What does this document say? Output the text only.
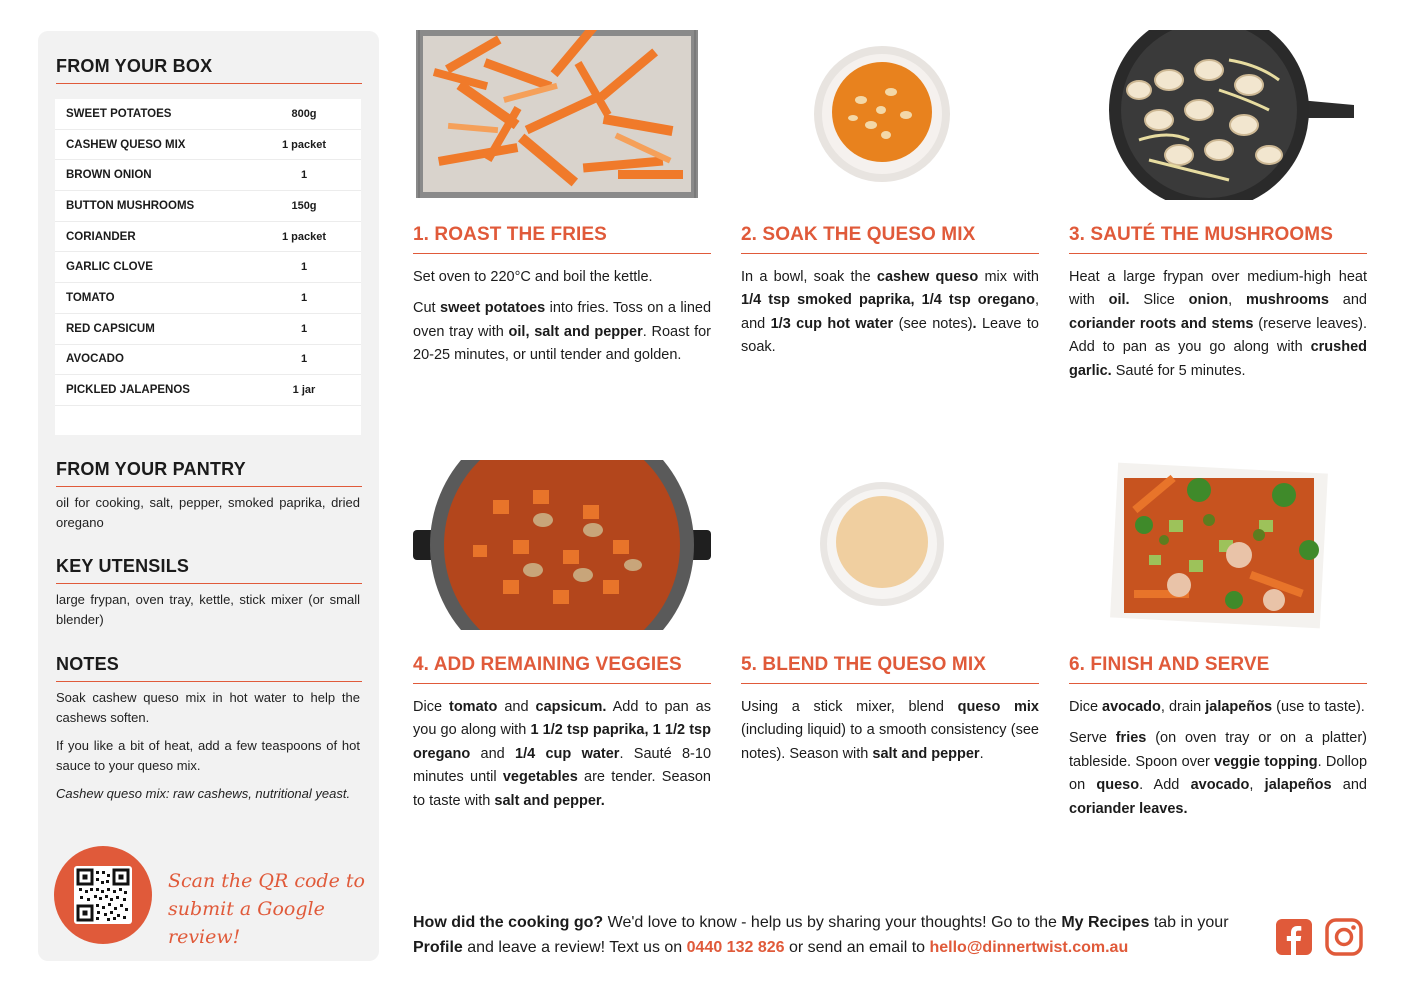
FROM YOUR BOX
SWEET POTATOES	800g
CASHEW QUESO MIX	1 packet
BROWN ONION	1
BUTTON MUSHROOMS	150g
CORIANDER	1 packet
GARLIC CLOVE	1
TOMATO	1
RED CAPSICUM	1
AVOCADO	1
PICKLED JALAPENOS	1 jar
FROM YOUR PANTRY
oil for cooking, salt, pepper, smoked paprika, dried oregano
KEY UTENSILS
large frypan, oven tray, kettle, stick mixer (or small blender)
NOTES

Soak cashew queso mix in hot water to help the cashews soften.

If you like a bit of heat, add a few teaspoons of hot sauce to your queso mix.

Cashew queso mix: raw cashews, nutritional yeast.

Scan the QR code to
submit a Google review!
1. ROAST THE FRIES

Set oven to 220°C and boil the kettle.

Cut sweet potatoes into fries. Toss on a lined oven tray with oil, salt and pepper. Roast for 20-25 minutes, or until tender and golden.

2. SOAK THE QUESO MIX

In a bowl, soak the cashew queso mix with 1/4 tsp smoked paprika, 1/4 tsp oregano, and 1/3 cup hot water (see notes). Leave to soak.

3. SAUTÉ THE MUSHROOMS

Heat a large frypan over medium-high heat with oil. Slice onion, mushrooms and coriander roots and stems (reserve leaves). Add to pan as you go along with crushed garlic. Sauté for 5 minutes.

4. ADD REMAINING VEGGIES

Dice tomato and capsicum. Add to pan as you go along with 1 1/2 tsp paprika, 1 1/2 tsp oregano and 1/4 cup water. Sauté 8-10 minutes until vegetables are tender. Season to taste with salt and pepper.

5. BLEND THE QUESO MIX

Using a stick mixer, blend queso mix (including liquid) to a smooth consistency (see notes). Season with salt and pepper.

6. FINISH AND SERVE

Dice avocado, drain jalapeños (use to taste).

Serve fries (on oven tray or on a platter) tableside. Spoon over veggie topping. Dollop on queso. Add avocado, jalapeños and coriander leaves.

How did the cooking go? We'd love to know - help us by sharing your thoughts! Go to the My Recipes tab in your Profile and leave a review! Text us on 0440 132 826 or send an email to hello@dinnertwist.com.au
